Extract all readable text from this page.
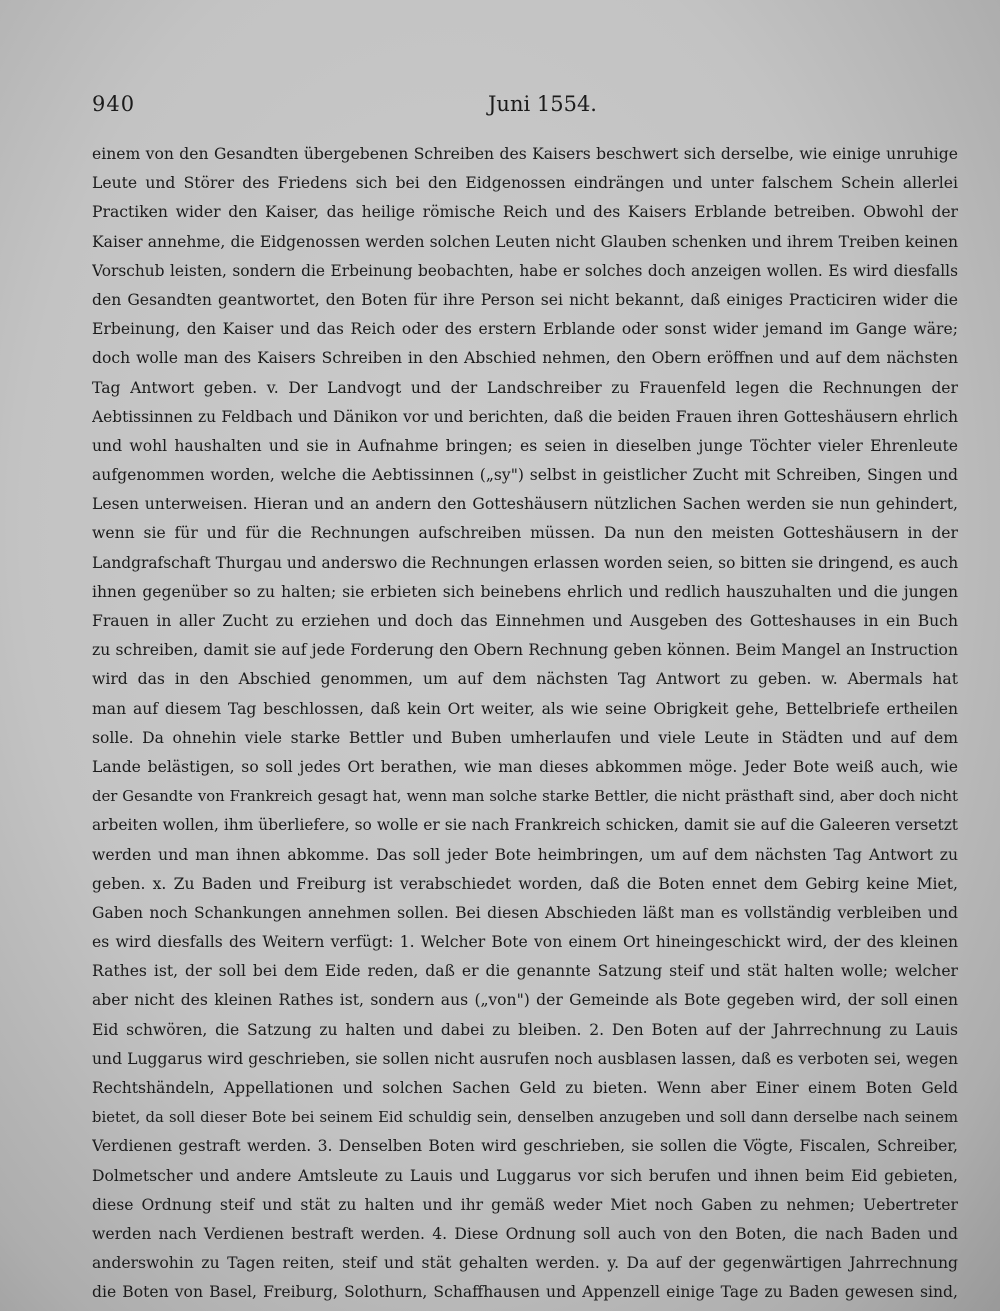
940	Juni 1554.
einem von den Gesandten übergebenen Schreiben des Kaisers beschwert sich derselbe, wie einige unruhige
Leute und Störer des Friedens sich bei den Eidgenossen eindrängen und unter falschem Schein allerlei
Practiken wider den Kaiser, das heilige römische Reich und des Kaisers Erblande betreiben. Obwohl der
Kaiser annehme, die Eidgenossen werden solchen Leuten nicht Glauben schenken und ihrem Treiben keinen
Vorschub leisten, sondern die Erbeinung beobachten, habe er solches doch anzeigen wollen. Es wird diesfalls
den Gesandten geantwortet, den Boten für ihre Person sei nicht bekannt, daß einiges Practiciren wider die
Erbeinung, den Kaiser und das Reich oder des erstern Erblande oder sonst wider jemand im Gange wäre;
doch wolle man des Kaisers Schreiben in den Abschied nehmen, den Obern eröffnen und auf dem nächsten
Tag Antwort geben. v. Der Landvogt und der Landschreiber zu Frauenfeld legen die Rechnungen der
Aebtissinnen zu Feldbach und Dänikon vor und berichten, daß die beiden Frauen ihren Gotteshäusern ehrlich
und wohl haushalten und sie in Aufnahme bringen; es seien in dieselben junge Töchter vieler Ehrenleute
aufgenommen worden, welche die Aebtissinnen („sy") selbst in geistlicher Zucht mit Schreiben, Singen und
Lesen unterweisen. Hieran und an andern den Gotteshäusern nützlichen Sachen werden sie nun gehindert,
wenn sie für und für die Rechnungen aufschreiben müssen. Da nun den meisten Gotteshäusern in der
Landgrafschaft Thurgau und anderswo die Rechnungen erlassen worden seien, so bitten sie dringend, es auch
ihnen gegenüber so zu halten; sie erbieten sich beinebens ehrlich und redlich hauszuhalten und die jungen
Frauen in aller Zucht zu erziehen und doch das Einnehmen und Ausgeben des Gotteshauses in ein Buch
zu schreiben, damit sie auf jede Forderung den Obern Rechnung geben können. Beim Mangel an Instruction
wird das in den Abschied genommen, um auf dem nächsten Tag Antwort zu geben. w. Abermals hat
man auf diesem Tag beschlossen, daß kein Ort weiter, als wie seine Obrigkeit gehe, Bettelbriefe ertheilen
solle. Da ohnehin viele starke Bettler und Buben umherlaufen und viele Leute in Städten und auf dem
Lande belästigen, so soll jedes Ort berathen, wie man dieses abkommen möge. Jeder Bote weiß auch, wie
der Gesandte von Frankreich gesagt hat, wenn man solche starke Bettler, die nicht prästhaft sind, aber doch nicht
arbeiten wollen, ihm überliefere, so wolle er sie nach Frankreich schicken, damit sie auf die Galeeren versetzt
werden und man ihnen abkomme. Das soll jeder Bote heimbringen, um auf dem nächsten Tag Antwort zu
geben. x. Zu Baden und Freiburg ist verabschiedet worden, daß die Boten ennet dem Gebirg keine Miet,
Gaben noch Schankungen annehmen sollen. Bei diesen Abschieden läßt man es vollständig verbleiben und
es wird diesfalls des Weitern verfügt: 1. Welcher Bote von einem Ort hineingeschickt wird, der des kleinen
Rathes ist, der soll bei dem Eide reden, daß er die genannte Satzung steif und stät halten wolle; welcher
aber nicht des kleinen Rathes ist, sondern aus („von") der Gemeinde als Bote gegeben wird, der soll einen
Eid schwören, die Satzung zu halten und dabei zu bleiben. 2. Den Boten auf der Jahrrechnung zu Lauis
und Luggarus wird geschrieben, sie sollen nicht ausrufen noch ausblasen lassen, daß es verboten sei, wegen
Rechtshändeln, Appellationen und solchen Sachen Geld zu bieten. Wenn aber Einer einem Boten Geld
bietet, da soll dieser Bote bei seinem Eid schuldig sein, denselben anzugeben und soll dann derselbe nach seinem
Verdienen gestraft werden. 3. Denselben Boten wird geschrieben, sie sollen die Vögte, Fiscalen, Schreiber,
Dolmetscher und andere Amtsleute zu Lauis und Luggarus vor sich berufen und ihnen beim Eid gebieten,
diese Ordnung steif und stät zu halten und ihr gemäß weder Miet noch Gaben zu nehmen; Uebertreter
werden nach Verdienen bestraft werden. 4. Diese Ordnung soll auch von den Boten, die nach Baden und
anderswohin zu Tagen reiten, steif und stät gehalten werden. y. Da auf der gegenwärtigen Jahrrechnung
die Boten von Basel, Freiburg, Solothurn, Schaffhausen und Appenzell einige Tage zu Baden gewesen sind,
